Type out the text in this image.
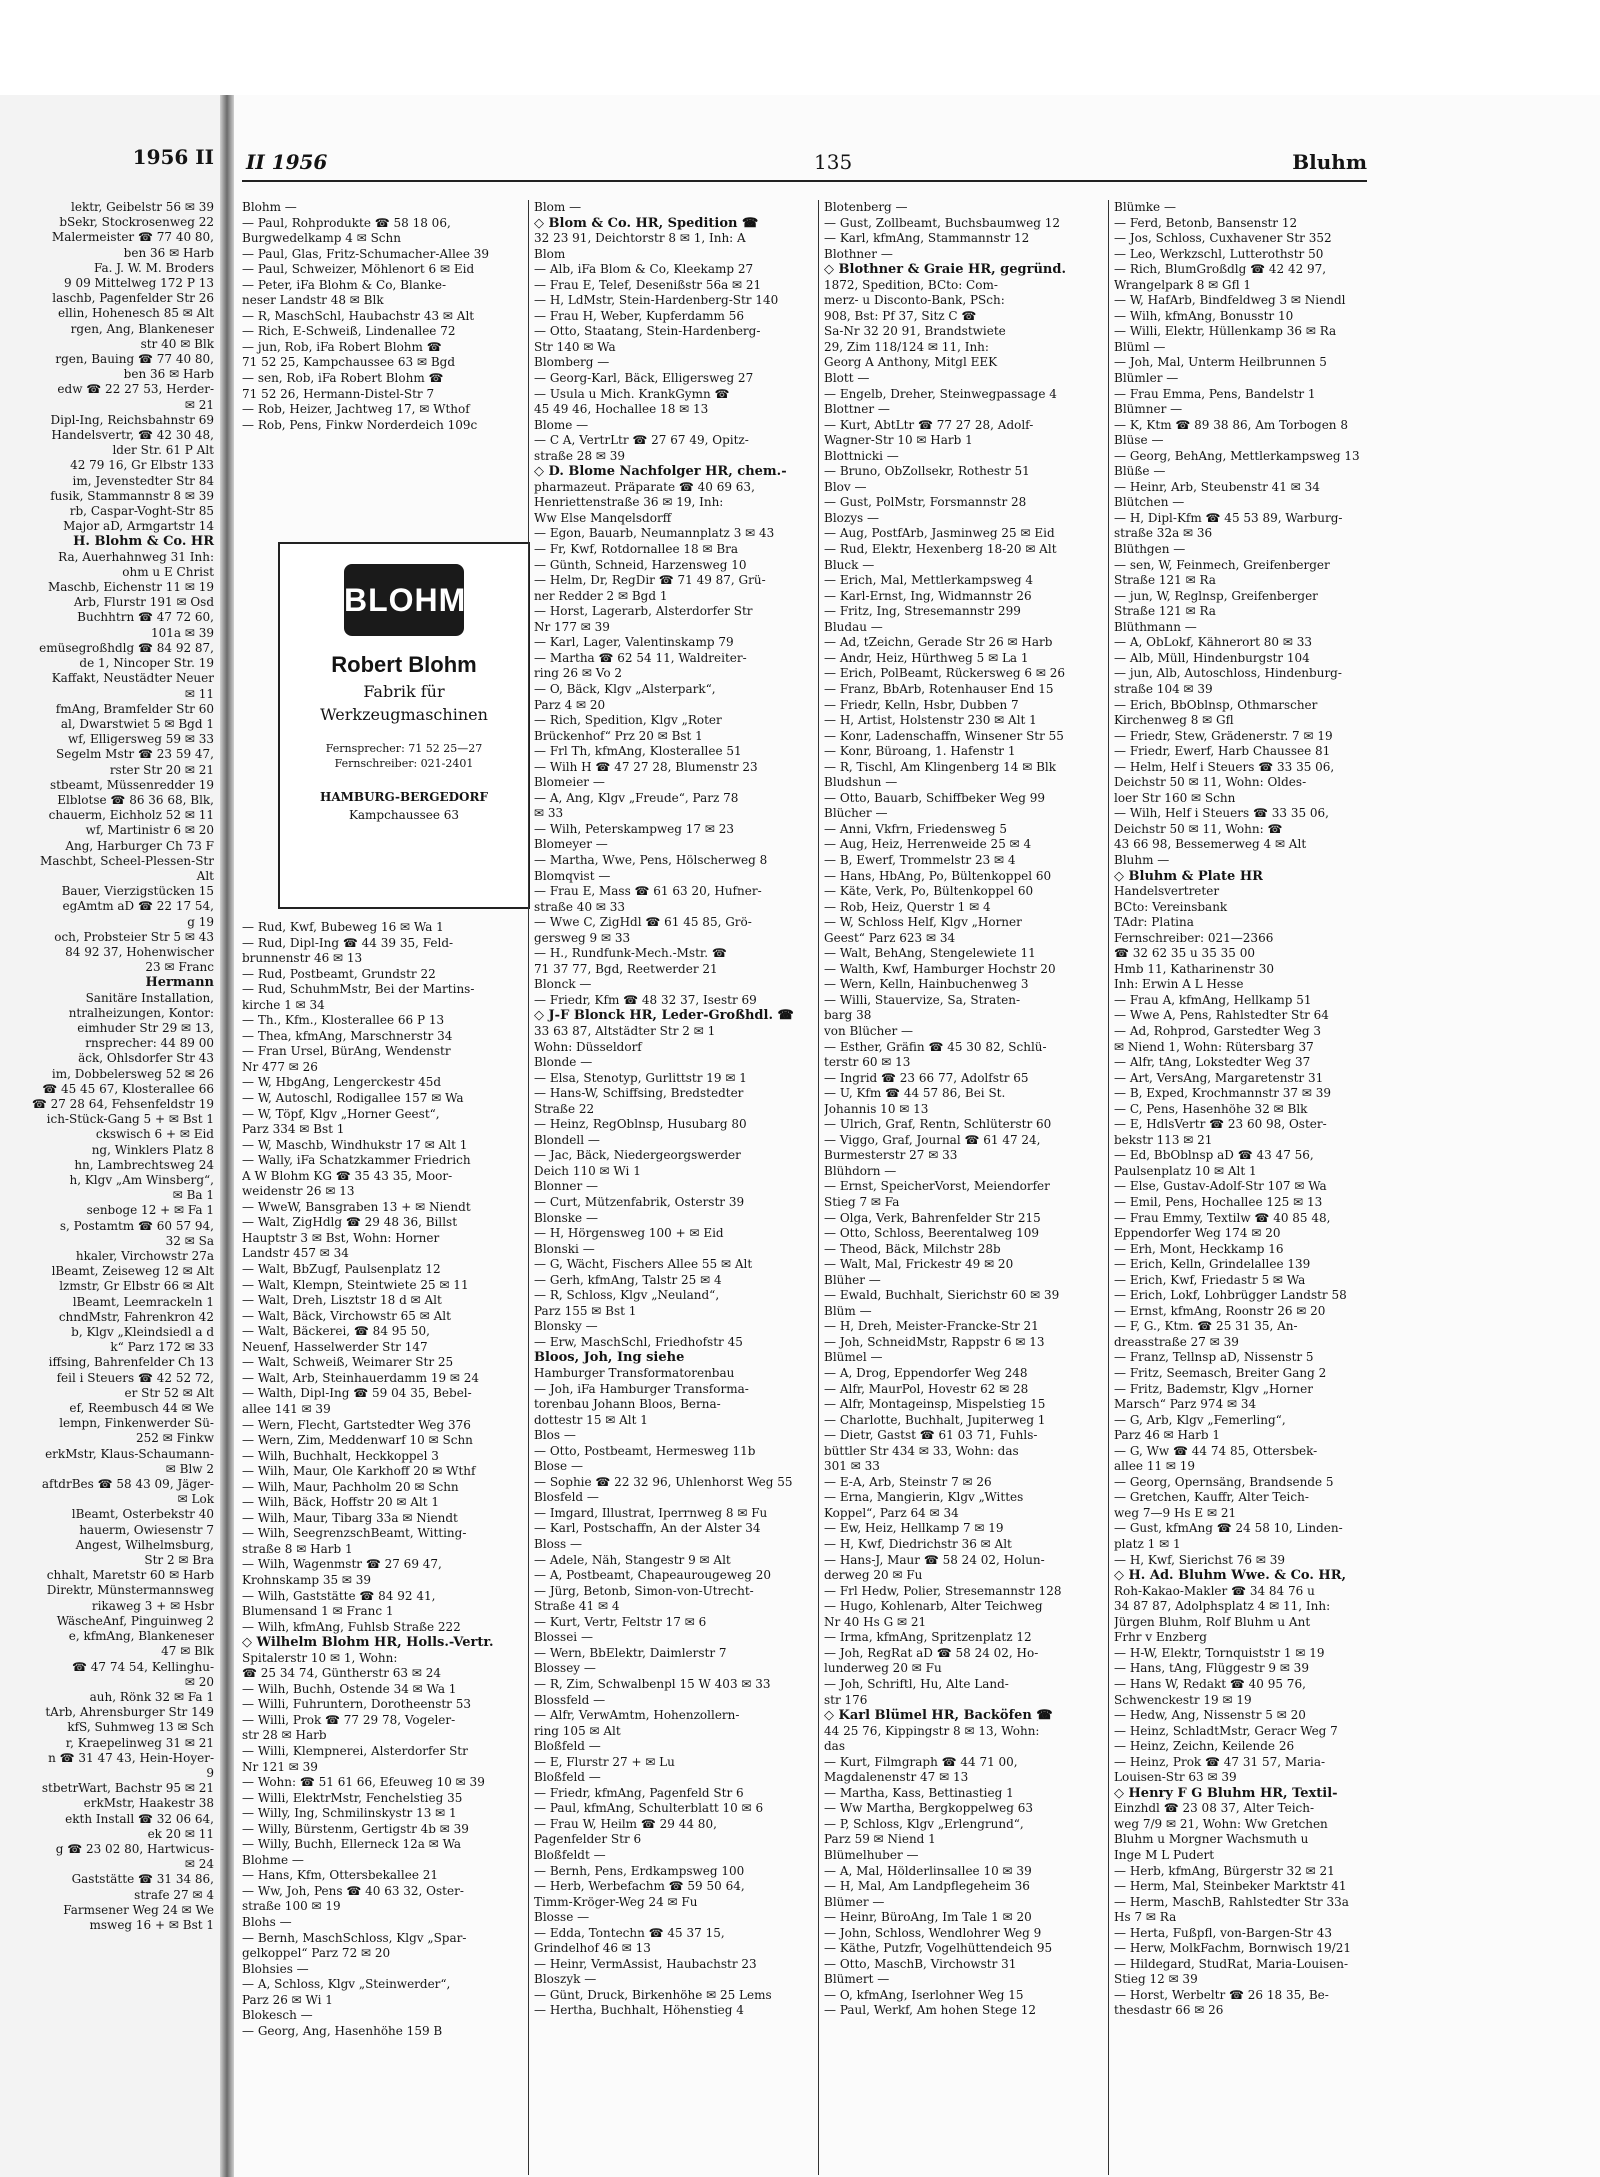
1956 II
lektr, Geibelstr 56 ✉ 39
bSekr, Stockrosenweg 22
Malermeister ☎ 77 40 80,
ben 36 ✉ Harb
Fa. J. W. M. Broders
9 09 Mittelweg 172 P 13
laschb, Pagenfelder Str 26
ellin, Hohenesch 85 ✉ Alt
rgen, Ang, Blankeneser
str 40 ✉ Blk
rgen, Bauing ☎ 77 40 80,
ben 36 ✉ Harb
edw ☎ 22 27 53, Herder-
✉ 21
Dipl-Ing, Reichsbahnstr 69
Handelsvertr, ☎ 42 30 48,
lder Str. 61 P Alt
42 79 16, Gr Elbstr 133
im, Jevenstedter Str 84
fusik, Stammannstr 8 ✉ 39
rb, Caspar-Voght-Str 85
Major aD, Armgartstr 14
H. Blohm & Co. HR
Ra, Auerhahnweg 31 Inh:
ohm u E Christ
Maschb, Eichenstr 11 ✉ 19
Arb, Flurstr 191 ✉ Osd
Buchhtrn ☎ 47 72 60,
101a ✉ 39
emüsegroßhdlg ☎ 84 92 87,
de 1, Nincoper Str. 19
Kaffakt, Neustädter Neuer
✉ 11
fmAng, Bramfelder Str 60
al, Dwarstwiet 5 ✉ Bgd 1
wf, Elligersweg 59 ✉ 33
Segelm Mstr ☎ 23 59 47,
rster Str 20 ✉ 21
stbeamt, Müssenredder 19
Elblotse ☎ 86 36 68, Blk,
chauerm, Eichholz 52 ✉ 11
wf, Martinistr 6 ✉ 20
Ang, Harburger Ch 73 F
Maschbt, Scheel-Plessen-Str
Alt
Bauer, Vierzigstücken 15
egAmtm aD ☎ 22 17 54,
g 19
och, Probsteier Str 5 ✉ 43
84 92 37, Hohenwischer
23 ✉ Franc
Hermann
Sanitäre Installation,
ntralheizungen, Kontor:
eimhuder Str 29 ✉ 13,
rnsprecher: 44 89 00
äck, Ohlsdorfer Str 43
im, Dobbelersweg 52 ✉ 26
☎ 45 45 67, Klosterallee 66
☎ 27 28 64, Fehsenfeldstr 19
ich-Stück-Gang 5 + ✉ Bst 1
ckswisch 6 + ✉ Eid
ng, Winklers Platz 8
hn, Lambrechtsweg 24
h, Klgv „Am Winsberg“,
✉ Ba 1
senboge 12 + ✉ Fa 1
s, Postamtm ☎ 60 57 94,
32 ✉ Sa
hkaler, Virchowstr 27a
lBeamt, Zeiseweg 12 ✉ Alt
lzmstr, Gr Elbstr 66 ✉ Alt
lBeamt, Leemrackeln 1
chndMstr, Fahrenkron 42
b, Klgv „Kleindsiedl a d
k“ Parz 172 ✉ 33
iffsing, Bahrenfelder Ch 13
feil i Steuers ☎ 42 52 72,
er Str 52 ✉ Alt
ef, Reembusch 44 ✉ We
lempn, Finkenwerder Sü-
252 ✉ Finkw
erkMstr, Klaus-Schaumann-
✉ Blw 2
aftdrBes ☎ 58 43 09, Jäger-
✉ Lok
lBeamt, Osterbekstr 40
hauerm, Owiesenstr 7
Angest, Wilhelmsburg,
Str 2 ✉ Bra
chhalt, Maretstr 60 ✉ Harb
Direktr, Münstermannsweg
rikaweg 3 + ✉ Hsbr
WäscheAnf, Pinguinweg 2
e, kfmAng, Blankeneser
47 ✉ Blk
☎ 47 74 54, Kellinghu-
✉ 20
auh, Rönk 32 ✉ Fa 1
tArb, Ahrensburger Str 149
kfS, Suhmweg 13 ✉ Sch
r, Kraepelinweg 31 ✉ 21
n ☎ 31 47 43, Hein-Hoyer-
9
stbetrWart, Bachstr 95 ✉ 21
erkMstr, Haakestr 38
ekth Install ☎ 32 06 64,
ek 20 ✉ 11
g ☎ 23 02 80, Hartwicus-
✉ 24
Gaststätte ☎ 31 34 86,
strafe 27 ✉ 4
Farmsener Weg 24 ✉ We
msweg 16 + ✉ Bst 1
II 1956	135	Bluhm
Blohm —
— Paul, Rohprodukte ☎ 58 18 06,
Burgwedelkamp 4 ✉ Schn
— Paul, Glas, Fritz-Schumacher-Allee 39
— Paul, Schweizer, Möhlenort 6 ✉ Eid
— Peter, iFa Blohm & Co, Blanke-
neser Landstr 48 ✉ Blk
— R, MaschSchl, Haubachstr 43 ✉ Alt
— Rich, E-Schweiß, Lindenallee 72
— jun, Rob, iFa Robert Blohm ☎
71 52 25, Kampchaussee 63 ✉ Bgd
— sen, Rob, iFa Robert Blohm ☎
71 52 26, Hermann-Distel-Str 7
— Rob, Heizer, Jachtweg 17, ✉ Wthof
— Rob, Pens, Finkw Norderdeich 109c
BLOHM
Robert Blohm
Fabrik für
Werkzeugmaschinen
Fernsprecher: 71 52 25—27
Fernschreiber: 021-2401
HAMBURG-BERGEDORF
Kampchaussee 63
— Rud, Kwf, Bubeweg 16 ✉ Wa 1
— Rud, Dipl-Ing ☎ 44 39 35, Feld-
brunnenstr 46 ✉ 13
— Rud, Postbeamt, Grundstr 22
— Rud, SchuhmMstr, Bei der Martins-
kirche 1 ✉ 34
— Th., Kfm., Klosterallee 66 P 13
— Thea, kfmAng, Marschnerstr 34
— Fran Ursel, BürAng, Wendenstr
Nr 477 ✉ 26
— W, HbgAng, Lengerckestr 45d
— W, Autoschl, Rodigallee 157 ✉ Wa
— W, Töpf, Klgv „Horner Geest“,
Parz 334 ✉ Bst 1
— W, Maschb, Windhukstr 17 ✉ Alt 1
— Wally, iFa Schatzkammer Friedrich
A W Blohm KG ☎ 35 43 35, Moor-
weidenstr 26 ✉ 13
— WweW, Bansgraben 13 + ✉ Niendt
— Walt, ZigHdlg ☎ 29 48 36, Billst
Hauptstr 3 ✉ Bst, Wohn: Horner
Landstr 457 ✉ 34
— Walt, BbZugf, Paulsenplatz 12
— Walt, Klempn, Steintwiete 25 ✉ 11
— Walt, Dreh, Lisztstr 18 d ✉ Alt
— Walt, Bäck, Virchowstr 65 ✉ Alt
— Walt, Bäckerei, ☎ 84 95 50,
Neuenf, Hasselwerder Str 147
— Walt, Schweiß, Weimarer Str 25
— Walt, Arb, Steinhauerdamm 19 ✉ 24
— Walth, Dipl-Ing ☎ 59 04 35, Bebel-
allee 141 ✉ 39
— Wern, Flecht, Gartstedter Weg 376
— Wern, Zim, Meddenwarf 10 ✉ Schn
— Wilh, Buchhalt, Heckkoppel 3
— Wilh, Maur, Ole Karkhoff 20 ✉ Wthf
— Wilh, Maur, Pachholm 20 ✉ Schn
— Wilh, Bäck, Hoffstr 20 ✉ Alt 1
— Wilh, Maur, Tibarg 33a ✉ Niendt
— Wilh, SeegrenzschBeamt, Witting-
straße 8 ✉ Harb 1
— Wilh, Wagenmstr ☎ 27 69 47,
Krohnskamp 35 ✉ 39
— Wilh, Gaststätte ☎ 84 92 41,
Blumensand 1 ✉ Franc 1
— Wilh, kfmAng, Fuhlsb Straße 222
◇ Wilhelm Blohm HR, Holls.-Vertr.
Spitalerstr 10 ✉ 1, Wohn:
☎ 25 34 74, Güntherstr 63 ✉ 24
— Wilh, Buchh, Ostende 34 ✉ Wa 1
— Willi, Fuhruntern, Dorotheenstr 53
— Willi, Prok ☎ 77 29 78, Vogeler-
str 28 ✉ Harb
— Willi, Klempnerei, Alsterdorfer Str
Nr 121 ✉ 39
— Wohn: ☎ 51 61 66, Efeuweg 10 ✉ 39
— Willi, ElektrMstr, Fenchelstieg 35
— Willy, Ing, Schmilinskystr 13 ✉ 1
— Willy, Bürstenm, Gertigstr 4b ✉ 39
— Willy, Buchh, Ellerneck 12a ✉ Wa
Blohme —
— Hans, Kfm, Ottersbekallee 21
— Ww, Joh, Pens ☎ 40 63 32, Oster-
straße 100 ✉ 19
Blohs —
— Bernh, MaschSchloss, Klgv „Spar-
gelkoppel“ Parz 72 ✉ 20
Blohsies —
— A, Schloss, Klgv „Steinwerder“,
Parz 26 ✉ Wi 1
Blokesch —
— Georg, Ang, Hasenhöhe 159 B
Blom —
◇ Blom & Co. HR, Spedition ☎
32 23 91, Deichtorstr 8 ✉ 1, Inh: A
Blom
— Alb, iFa Blom & Co, Kleekamp 27
— Frau E, Telef, Desenißstr 56a ✉ 21
— H, LdMstr, Stein-Hardenberg-Str 140
— Frau H, Weber, Kupferdamm 56
— Otto, Staatang, Stein-Hardenberg-
Str 140 ✉ Wa
Blomberg —
— Georg-Karl, Bäck, Elligersweg 27
— Usula u Mich. KrankGymn ☎
45 49 46, Hochallee 18 ✉ 13
Blome —
— C A, VertrLtr ☎ 27 67 49, Opitz-
straße 28 ✉ 39
◇ D. Blome Nachfolger HR, chem.-
pharmazeut. Präparate ☎ 40 69 63,
Henriettenstraße 36 ✉ 19, Inh:
Ww Else Manqelsdorff
— Egon, Bauarb, Neumannplatz 3 ✉ 43
— Fr, Kwf, Rotdornallee 18 ✉ Bra
— Günth, Schneid, Harzensweg 10
— Helm, Dr, RegDir ☎ 71 49 87, Grü-
ner Redder 2 ✉ Bgd 1
— Horst, Lagerarb, Alsterdorfer Str
Nr 177 ✉ 39
— Karl, Lager, Valentinskamp 79
— Martha ☎ 62 54 11, Waldreiter-
ring 26 ✉ Vo 2
— O, Bäck, Klgv „Alsterpark“,
Parz 4 ✉ 20
— Rich, Spedition, Klgv „Roter
Brückenhof“ Prz 20 ✉ Bst 1
— Frl Th, kfmAng, Klosterallee 51
— Wilh H ☎ 47 27 28, Blumenstr 23
Blomeier —
— A, Ang, Klgv „Freude“, Parz 78
✉ 33
— Wilh, Peterskampweg 17 ✉ 23
Blomeyer —
— Martha, Wwe, Pens, Hölscherweg 8
Blomqvist —
— Frau E, Mass ☎ 61 63 20, Hufner-
straße 40 ✉ 33
— Wwe C, ZigHdl ☎ 61 45 85, Grö-
gersweg 9 ✉ 33
— H., Rundfunk-Mech.-Mstr. ☎
71 37 77, Bgd, Reetwerder 21
Blonck —
— Friedr, Kfm ☎ 48 32 37, Isestr 69
◇ J-F Blonck HR, Leder-Großhdl. ☎
33 63 87, Altstädter Str 2 ✉ 1
Wohn: Düsseldorf
Blonde —
— Elsa, Stenotyp, Gurlittstr 19 ✉ 1
— Hans-W, Schiffsing, Bredstedter
Straße 22
— Heinz, RegOblnsp, Husubarg 80
Blondell —
— Jac, Bäck, Niedergeorgswerder
Deich 110 ✉ Wi 1
Blonner —
— Curt, Mützenfabrik, Osterstr 39
Blonske —
— H, Hörgensweg 100 + ✉ Eid
Blonski —
— G, Wächt, Fischers Allee 55 ✉ Alt
— Gerh, kfmAng, Talstr 25 ✉ 4
— R, Schloss, Klgv „Neuland“,
Parz 155 ✉ Bst 1
Blonsky —
— Erw, MaschSchl, Friedhofstr 45
Bloos, Joh, Ing siehe
Hamburger Transformatorenbau
— Joh, iFa Hamburger Transforma-
torenbau Johann Bloos, Berna-
dottestr 15 ✉ Alt 1
Blos —
— Otto, Postbeamt, Hermesweg 11b
Blose —
— Sophie ☎ 22 32 96, Uhlenhorst Weg 55
Blosfeld —
— Imgard, Illustrat, Iperrnweg 8 ✉ Fu
— Karl, Postschaffn, An der Alster 34
Bloss —
— Adele, Näh, Stangestr 9 ✉ Alt
— A, Postbeamt, Chapeaurougeweg 20
— Jürg, Betonb, Simon-von-Utrecht-
Straße 41 ✉ 4
— Kurt, Vertr, Feltstr 17 ✉ 6
Blossei —
— Wern, BbElektr, Daimlerstr 7
Blossey —
— R, Zim, Schwalbenpl 15 W 403 ✉ 33
Blossfeld —
— Alfr, VerwAmtm, Hohenzollern-
ring 105 ✉ Alt
Bloßfeld —
— E, Flurstr 27 + ✉ Lu
Bloßfeld —
— Friedr, kfmAng, Pagenfeld Str 6
— Paul, kfmAng, Schulterblatt 10 ✉ 6
— Frau W, Heilm ☎ 29 44 80,
Pagenfelder Str 6
Bloßfeldt —
— Bernh, Pens, Erdkampsweg 100
— Herb, Werbefachm ☎ 59 50 64,
Timm-Kröger-Weg 24 ✉ Fu
Blosse —
— Edda, Tontechn ☎ 45 37 15,
Grindelhof 46 ✉ 13
— Heinr, VermAssist, Haubachstr 23
Bloszyk —
— Günt, Druck, Birkenhöhe ✉ 25 Lems
— Hertha, Buchhalt, Höhenstieg 4
Blotenberg —
— Gust, Zollbeamt, Buchsbaumweg 12
— Karl, kfmAng, Stammannstr 12
Blothner —
◇ Blothner & Graie HR, gegründ.
1872, Spedition, BCto: Com-
merz- u Disconto-Bank, PSch:
908, Bst: Pf 37, Sitz C ☎
Sa-Nr 32 20 91, Brandstwiete
29, Zim 118/124 ✉ 11, Inh:
Georg A Anthony, Mitgl EEK
Blott —
— Engelb, Dreher, Steinwegpassage 4
Blottner —
— Kurt, AbtLtr ☎ 77 27 28, Adolf-
Wagner-Str 10 ✉ Harb 1
Blottnicki —
— Bruno, ObZollsekr, Rothestr 51
Blov —
— Gust, PolMstr, Forsmannstr 28
Blozys —
— Aug, PostfArb, Jasminweg 25 ✉ Eid
— Rud, Elektr, Hexenberg 18-20 ✉ Alt
Bluck —
— Erich, Mal, Mettlerkampsweg 4
— Karl-Ernst, Ing, Widmannstr 26
— Fritz, Ing, Stresemannstr 299
Bludau —
— Ad, tZeichn, Gerade Str 26 ✉ Harb
— Andr, Heiz, Hürthweg 5 ✉ La 1
— Erich, PolBeamt, Rückersweg 6 ✉ 26
— Franz, BbArb, Rotenhauser End 15
— Friedr, Kelln, Hsbr, Dubben 7
— H, Artist, Holstenstr 230 ✉ Alt 1
— Konr, Ladenschaffn, Winsener Str 55
— Konr, Büroang, 1. Hafenstr 1
— R, Tischl, Am Klingenberg 14 ✉ Blk
Bludshun —
— Otto, Bauarb, Schiffbeker Weg 99
Blücher —
— Anni, Vkfrn, Friedensweg 5
— Aug, Heiz, Herrenweide 25 ✉ 4
— B, Ewerf, Trommelstr 23 ✉ 4
— Hans, HbAng, Po, Bültenkoppel 60
— Käte, Verk, Po, Bültenkoppel 60
— Rob, Heiz, Querstr 1 ✉ 4
— W, Schloss Helf, Klgv „Horner
Geest“ Parz 623 ✉ 34
— Walt, BehAng, Stengelewiete 11
— Walth, Kwf, Hamburger Hochstr 20
— Wern, Kelln, Hainbuchenweg 3
— Willi, Stauervize, Sa, Straten-
barg 38
von Blücher —
— Esther, Gräfin ☎ 45 30 82, Schlü-
terstr 60 ✉ 13
— Ingrid ☎ 23 66 77, Adolfstr 65
— U, Kfm ☎ 44 57 86, Bei St.
Johannis 10 ✉ 13
— Ulrich, Graf, Rentn, Schlüterstr 60
— Viggo, Graf, Journal ☎ 61 47 24,
Burmesterstr 27 ✉ 33
Blühdorn —
— Ernst, SpeicherVorst, Meiendorfer
Stieg 7 ✉ Fa
— Olga, Verk, Bahrenfelder Str 215
— Otto, Schloss, Beerentalweg 109
— Theod, Bäck, Milchstr 28b
— Walt, Mal, Frickestr 49 ✉ 20
Blüher —
— Ewald, Buchhalt, Sierichstr 60 ✉ 39
Blüm —
— H, Dreh, Meister-Francke-Str 21
— Joh, SchneidMstr, Rappstr 6 ✉ 13
Blümel —
— A, Drog, Eppendorfer Weg 248
— Alfr, MaurPol, Hovestr 62 ✉ 28
— Alfr, Montageinsp, Mispelstieg 15
— Charlotte, Buchhalt, Jupiterweg 1
— Dietr, Gastst ☎ 61 03 71, Fuhls-
büttler Str 434 ✉ 33, Wohn: das
301 ✉ 33
— E-A, Arb, Steinstr 7 ✉ 26
— Erna, Mangierin, Klgv „Wittes
Koppel“, Parz 64 ✉ 34
— Ew, Heiz, Hellkamp 7 ✉ 19
— H, Kwf, Diedrichstr 36 ✉ Alt
— Hans-J, Maur ☎ 58 24 02, Holun-
derweg 20 ✉ Fu
— Frl Hedw, Polier, Stresemannstr 128
— Hugo, Kohlenarb, Alter Teichweg
Nr 40 Hs G ✉ 21
— Irma, kfmAng, Spritzenplatz 12
— Joh, RegRat aD ☎ 58 24 02, Ho-
lunderweg 20 ✉ Fu
— Joh, Schriftl, Hu, Alte Land-
str 176
◇ Karl Blümel HR, Backöfen ☎
44 25 76, Kippingstr 8 ✉ 13, Wohn:
das
— Kurt, Filmgraph ☎ 44 71 00,
Magdalenenstr 47 ✉ 13
— Martha, Kass, Bettinastieg 1
— Ww Martha, Bergkoppelweg 63
— P, Schloss, Klgv „Erlengrund“,
Parz 59 ✉ Niend 1
Blümelhuber —
— A, Mal, Hölderlinsallee 10 ✉ 39
— H, Mal, Am Landpflegeheim 36
Blümer —
— Heinr, BüroAng, Im Tale 1 ✉ 20
— John, Schloss, Wendlohrer Weg 9
— Käthe, Putzfr, Vogelhüttendeich 95
— Otto, MaschB, Virchowstr 31
Blümert —
— O, kfmAng, Iserlohner Weg 15
— Paul, Werkf, Am hohen Stege 12
Blümke —
— Ferd, Betonb, Bansenstr 12
— Jos, Schloss, Cuxhavener Str 352
— Leo, Werkzschl, Lutterothstr 50
— Rich, BlumGroßdlg ☎ 42 42 97,
Wrangelpark 8 ✉ Gfl 1
— W, HafArb, Bindfeldweg 3 ✉ Niendl
— Wilh, kfmAng, Bonusstr 10
— Willi, Elektr, Hüllenkamp 36 ✉ Ra
Blüml —
— Joh, Mal, Unterm Heilbrunnen 5
Blümler —
— Frau Emma, Pens, Bandelstr 1
Blümner —
— K, Ktm ☎ 89 38 86, Am Torbogen 8
Blüse —
— Georg, BehAng, Mettlerkampsweg 13
Blüße —
— Heinr, Arb, Steubenstr 41 ✉ 34
Blütchen —
— H, Dipl-Kfm ☎ 45 53 89, Warburg-
straße 32a ✉ 36
Blüthgen —
— sen, W, Feinmech, Greifenberger
Straße 121 ✉ Ra
— jun, W, Reglnsp, Greifenberger
Straße 121 ✉ Ra
Blüthmann —
— A, ObLokf, Kähnerort 80 ✉ 33
— Alb, Müll, Hindenburgstr 104
— jun, Alb, Autoschloss, Hindenburg-
straße 104 ✉ 39
— Erich, BbOblnsp, Othmarscher
Kirchenweg 8 ✉ Gfl
— Friedr, Stew, Grädenerstr. 7 ✉ 19
— Friedr, Ewerf, Harb Chaussee 81
— Helm, Helf i Steuers ☎ 33 35 06,
Deichstr 50 ✉ 11, Wohn: Oldes-
loer Str 160 ✉ Schn
— Wilh, Helf i Steuers ☎ 33 35 06,
Deichstr 50 ✉ 11, Wohn: ☎
43 66 98, Bessemerweg 4 ✉ Alt
Bluhm —
◇ Bluhm & Plate HR
Handelsvertreter
BCto: Vereinsbank
TAdr: Platina
Fernschreiber: 021—2366
☎ 32 62 35 u 35 35 00
Hmb 11, Katharinenstr 30
Inh: Erwin A L Hesse
— Frau A, kfmAng, Hellkamp 51
— Wwe A, Pens, Rahlstedter Str 64
— Ad, Rohprod, Garstedter Weg 3
✉ Niend 1, Wohn: Rütersbarg 37
— Alfr, tAng, Lokstedter Weg 37
— Art, VersAng, Margaretenstr 31
— B, Exped, Krochmannstr 37 ✉ 39
— C, Pens, Hasenhöhe 32 ✉ Blk
— E, HdlsVertr ☎ 23 60 98, Oster-
bekstr 113 ✉ 21
— Ed, BbOblnsp aD ☎ 43 47 56,
Paulsenplatz 10 ✉ Alt 1
— Else, Gustav-Adolf-Str 107 ✉ Wa
— Emil, Pens, Hochallee 125 ✉ 13
— Frau Emmy, Textilw ☎ 40 85 48,
Eppendorfer Weg 174 ✉ 20
— Erh, Mont, Heckkamp 16
— Erich, Kelln, Grindelallee 139
— Erich, Kwf, Friedastr 5 ✉ Wa
— Erich, Lokf, Lohbrügger Landstr 58
— Ernst, kfmAng, Roonstr 26 ✉ 20
— F, G., Ktm. ☎ 25 31 35, An-
dreasstraße 27 ✉ 39
— Franz, Tellnsp aD, Nissenstr 5
— Fritz, Seemasch, Breiter Gang 2
— Fritz, Bademstr, Klgv „Horner
Marsch“ Parz 974 ✉ 34
— G, Arb, Klgv „Femerling“,
Parz 46 ✉ Harb 1
— G, Ww ☎ 44 74 85, Ottersbek-
allee 11 ✉ 19
— Georg, Opernsäng, Brandsende 5
— Gretchen, Kauffr, Alter Teich-
weg 7—9 Hs E ✉ 21
— Gust, kfmAng ☎ 24 58 10, Linden-
platz 1 ✉ 1
— H, Kwf, Sierichst 76 ✉ 39
◇ H. Ad. Bluhm Wwe. & Co. HR,
Roh-Kakao-Makler ☎ 34 84 76 u
34 87 87, Adolphsplatz 4 ✉ 11, Inh:
Jürgen Bluhm, Rolf Bluhm u Ant
Frhr v Enzberg
— H-W, Elektr, Tornquiststr 1 ✉ 19
— Hans, tAng, Flüggestr 9 ✉ 39
— Hans W, Redakt ☎ 40 95 76,
Schwenckestr 19 ✉ 19
— Hedw, Ang, Nissenstr 5 ✉ 20
— Heinz, SchladtMstr, Geracr Weg 7
— Heinz, Zeichn, Keilende 26
— Heinz, Prok ☎ 47 31 57, Maria-
Louisen-Str 63 ✉ 39
◇ Henry F G Bluhm HR, Textil-
Einzhdl ☎ 23 08 37, Alter Teich-
weg 7/9 ✉ 21, Wohn: Ww Gretchen
Bluhm u Morgner Wachsmuth u
Inge M L Pudert
— Herb, kfmAng, Bürgerstr 32 ✉ 21
— Herm, Mal, Steinbeker Marktstr 41
— Herm, MaschB, Rahlstedter Str 33a
Hs 7 ✉ Ra
— Herta, Fußpfl, von-Bargen-Str 43
— Herw, MolkFachm, Bornwisch 19/21
— Hildegard, StudRat, Maria-Louisen-
Stieg 12 ✉ 39
— Horst, Werbeltr ☎ 26 18 35, Be-
thesdastr 66 ✉ 26
